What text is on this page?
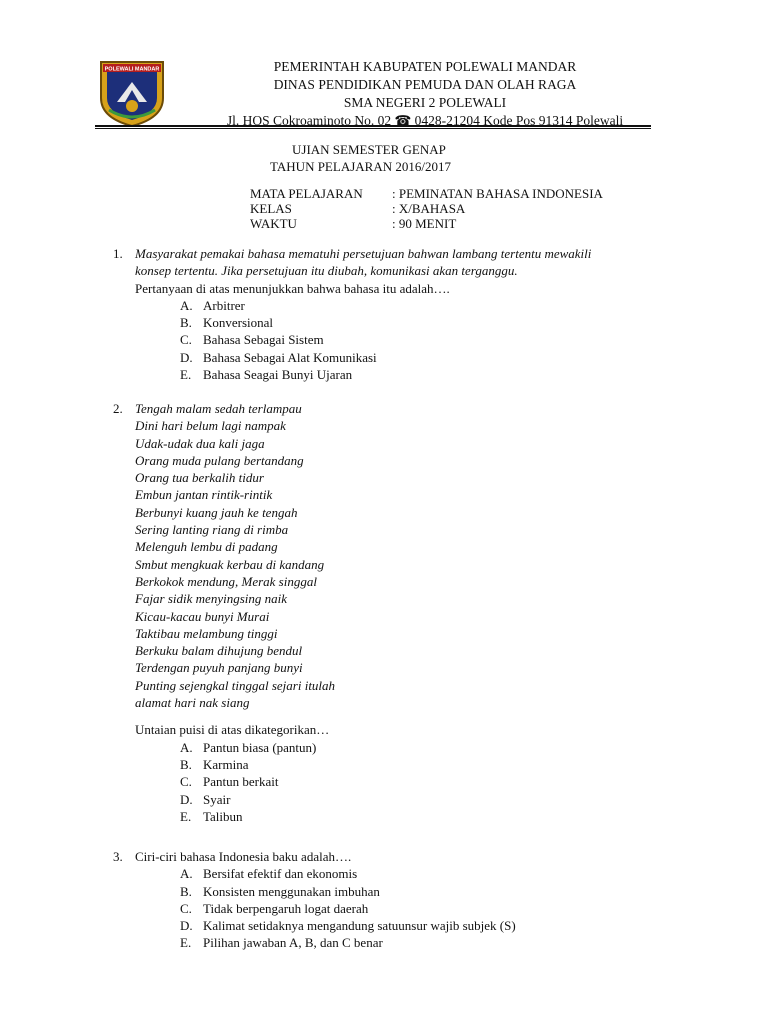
POLEWALI MANDAR	PEMERINTAH KABUPATEN POLEWALI MANDAR
DINAS PENDIDIKAN PEMUDA DAN OLAH RAGA
SMA NEGERI 2 POLEWALI
Jl. HOS Cokroaminoto No. 02 ☎ 0428-21204 Kode Pos 91314 Polewali
UJIAN SEMESTER GENAP
TAHUN PELAJARAN 2016/2017
MATA PELAJARAN	: PEMINATAN BAHASA INDONESIA
KELAS	: X/BAHASA
WAKTU	: 90 MENIT
1. Masyarakat pemakai bahasa mematuhi persetujuan bahwan lambang tertentu mewakili
konsep tertentu. Jika persetujuan itu diubah, komunikasi akan terganggu.
Pertanyaan di atas menunjukkan bahwa bahasa itu adalah….
A. Arbitrer
B. Konversional
C. Bahasa Sebagai Sistem
D. Bahasa Sebagai Alat Komunikasi
E. Bahasa Seagai Bunyi Ujaran
2. Tengah malam sedah terlampau
Dini hari belum lagi nampak
Udak-udak dua kali jaga
Orang muda pulang bertandang
Orang tua berkalih tidur
Embun jantan rintik-rintik
Berbunyi kuang jauh ke tengah
Sering lanting riang di rimba
Melenguh lembu di padang
Smbut mengkuak kerbau di kandang
Berkokok mendung, Merak singgal
Fajar sidik menyingsing naik
Kicau-kacau bunyi Murai
Taktibau melambung tinggi
Berkuku balam dihujung bendul
Terdengan puyuh panjang bunyi
Punting sejengkal tinggal sejari itulah
alamat hari nak siang
Untaian puisi di atas dikategorikan…
A. Pantun biasa (pantun)
B. Karmina
C. Pantun berkait
D. Syair
E. Talibun
3. Ciri-ciri bahasa Indonesia baku adalah….
A. Bersifat efektif dan ekonomis
B. Konsisten menggunakan imbuhan
C. Tidak berpengaruh logat daerah
D. Kalimat setidaknya mengandung satuunsur wajib subjek (S)
E. Pilihan jawaban A, B, dan C benar
